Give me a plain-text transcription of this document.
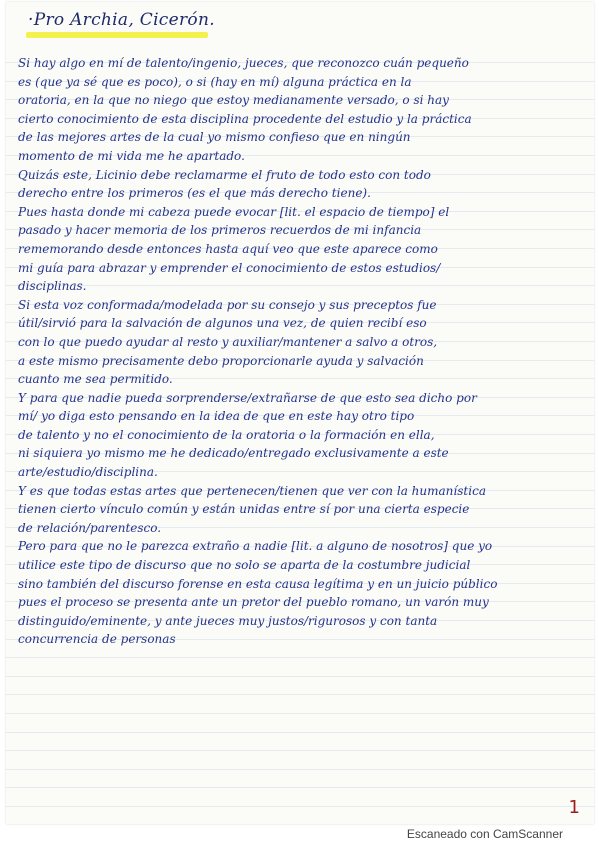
·Pro Archia, Cicerón.
Si hay algo en mí de talento/ingenio, jueces, que reconozco cuán pequeño
es (que ya sé que es poco), o si (hay en mí) alguna práctica en la
oratoria, en la que no niego que estoy medianamente versado, o si hay
cierto conocimiento de esta disciplina procedente del estudio y la práctica
de las mejores artes de la cual yo mismo confieso que en ningún
momento de mi vida me he apartado.
Quizás este, Licinio debe reclamarme el fruto de todo esto con todo
derecho entre los primeros (es el que más derecho tiene).
Pues hasta donde mi cabeza puede evocar [lit. el espacio de tiempo] el
pasado y hacer memoria de los primeros recuerdos de mi infancia
rememorando desde entonces hasta aquí veo que este aparece como
mi guía para abrazar y emprender el conocimiento de estos estudios/
disciplinas.
Si esta voz conformada/modelada por su consejo y sus preceptos fue
útil/sirvió para la salvación de algunos una vez, de quien recibí eso
con lo que puedo ayudar al resto y auxiliar/mantener a salvo a otros,
a este mismo precisamente debo proporcionarle ayuda y salvación
cuanto me sea permitido.
Y para que nadie pueda sorprenderse/extrañarse de que esto sea dicho por
mí/ yo diga esto pensando en la idea de que en este hay otro tipo
de talento y no el conocimiento de la oratoria o la formación en ella,
ni siquiera yo mismo me he dedicado/entregado exclusivamente a este
arte/estudio/disciplina.
Y es que todas estas artes que pertenecen/tienen que ver con la humanística
tienen cierto vínculo común y están unidas entre sí por una cierta especie
de relación/parentesco.
Pero para que no le parezca extraño a nadie [lit. a alguno de nosotros] que yo
utilice este tipo de discurso que no solo se aparta de la costumbre judicial
sino también del discurso forense en esta causa legítima y en un juicio público
pues el proceso se presenta ante un pretor del pueblo romano, un varón muy
distinguido/eminente, y ante jueces muy justos/rigurosos y con tanta
concurrencia de personas
1
Escaneado con CamScanner
